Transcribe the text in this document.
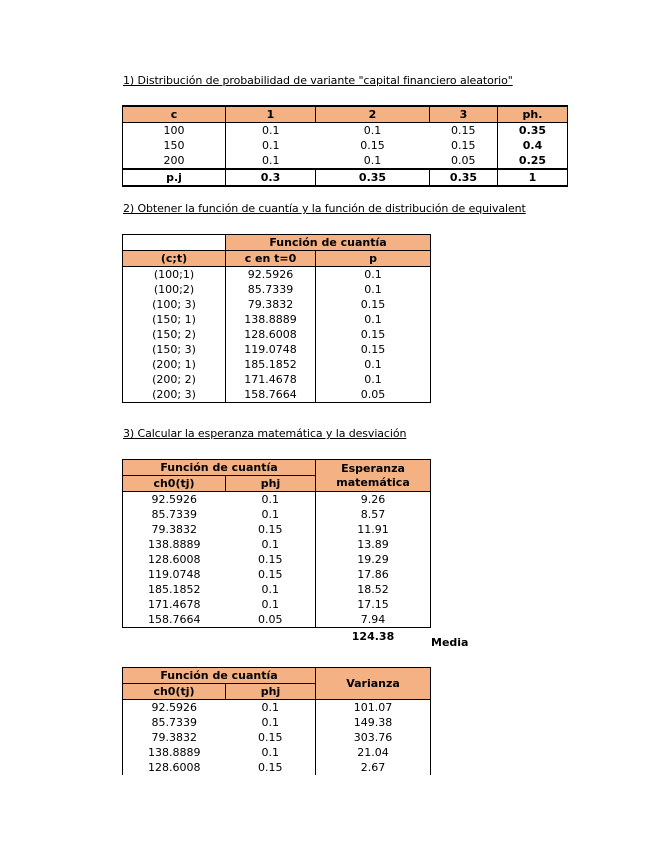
1) Distribución de probabilidad de variante "capital financiero aleatorio"
c	1	2	3	ph.
100	0.1	0.1	0.15	0.35
150	0.1	0.15	0.15	0.4
200	0.1	0.1	0.05	0.25
p.j	0.3	0.35	0.35	1
2) Obtener la función de cuantía y la función de distribución de equivalent
	Función de cuantía	
(c;t)	c en t=0	p
(100;1)	92.5926	0.1
(100;2)	85.7339	0.1
(100; 3)	79.3832	0.15
(150; 1)	138.8889	0.1
(150; 2)	128.6008	0.15
(150; 3)	119.0748	0.15
(200; 1)	185.1852	0.1
(200; 2)	171.4678	0.1
(200; 3)	158.7664	0.05
3) Calcular la esperanza matemática y la desviación
Función de cuantía		Esperanza
matemática

ch0(tj)	phj	
92.5926	0.1	9.26
85.7339	0.1	8.57
79.3832	0.15	11.91
138.8889	0.1	13.89
128.6008	0.15	19.29
119.0748	0.15	17.86
185.1852	0.1	18.52
171.4678	0.1	17.15
158.7664	0.05	7.94
		124.38	Media
Función de cuantía		Varianza
ch0(tj)	phj	
92.5926	0.1	101.07
85.7339	0.1	149.38
79.3832	0.15	303.76
138.8889	0.1	21.04
128.6008	0.15	2.67
